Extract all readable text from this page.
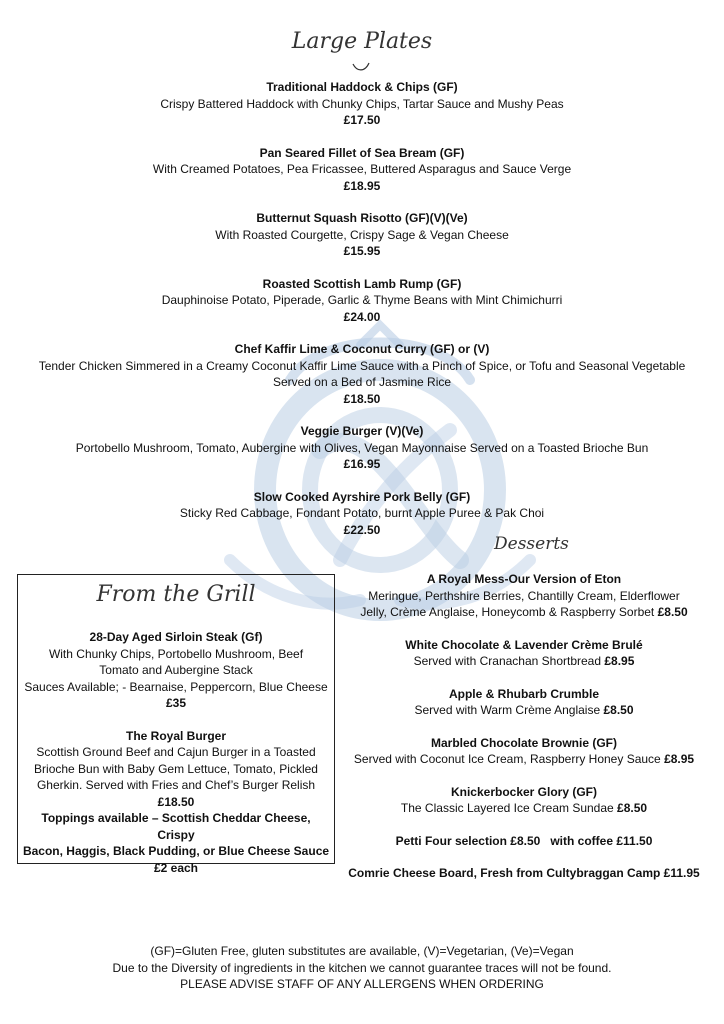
Large Plates
Traditional Haddock & Chips (GF)
Crispy Battered Haddock with Chunky Chips, Tartar Sauce and Mushy Peas
£17.50
Pan Seared Fillet of Sea Bream (GF)
With Creamed Potatoes, Pea Fricassee, Buttered Asparagus and Sauce Verge
£18.95
Butternut Squash Risotto (GF)(V)(Ve)
With Roasted Courgette, Crispy Sage & Vegan Cheese
£15.95
Roasted Scottish Lamb Rump (GF)
Dauphinoise Potato, Piperade, Garlic & Thyme Beans with Mint Chimichurri
£24.00
Chef Kaffir Lime & Coconut Curry (GF) or (V)
Tender Chicken Simmered in a Creamy Coconut Kaffir Lime Sauce with a Pinch of Spice, or Tofu and Seasonal Vegetable
Served on a Bed of Jasmine Rice
£18.50
Veggie Burger (V)(Ve)
Portobello Mushroom, Tomato, Aubergine with Olives, Vegan Mayonnaise Served on a Toasted Brioche Bun
£16.95
Slow Cooked Ayrshire Pork Belly (GF)
Sticky Red Cabbage, Fondant Potato, burnt Apple Puree & Pak Choi
£22.50
Desserts
From the Grill
28-Day Aged Sirloin Steak (Gf)
With Chunky Chips, Portobello Mushroom, Beef
Tomato and Aubergine Stack
Sauces Available; - Bearnaise, Peppercorn, Blue Cheese
£35
The Royal Burger
Scottish Ground Beef and Cajun Burger in a Toasted
Brioche Bun with Baby Gem Lettuce, Tomato, Pickled
Gherkin. Served with Fries and Chef’s Burger Relish
£18.50
Toppings available – Scottish Cheddar Cheese, Crispy
Bacon, Haggis, Black Pudding, or Blue Cheese Sauce
£2 each
A Royal Mess-Our Version of Eton
Meringue, Perthshire Berries, Chantilly Cream, Elderflower
Jelly, Crème Anglaise, Honeycomb & Raspberry Sorbet £8.50
White Chocolate & Lavender Crème Brulé
Served with Cranachan Shortbread £8.95
Apple & Rhubarb Crumble
Served with Warm Crème Anglaise £8.50
Marbled Chocolate Brownie (GF)
Served with Coconut Ice Cream, Raspberry Honey Sauce £8.95
Knickerbocker Glory (GF)
The Classic Layered Ice Cream Sundae £8.50
Petti Four selection £8.50 with coffee £11.50
Comrie Cheese Board, Fresh from Cultybraggan Camp £11.95
(GF)=Gluten Free, gluten substitutes are available, (V)=Vegetarian, (Ve)=Vegan
Due to the Diversity of ingredients in the kitchen we cannot guarantee traces will not be found.
PLEASE ADVISE STAFF OF ANY ALLERGENS WHEN ORDERING
